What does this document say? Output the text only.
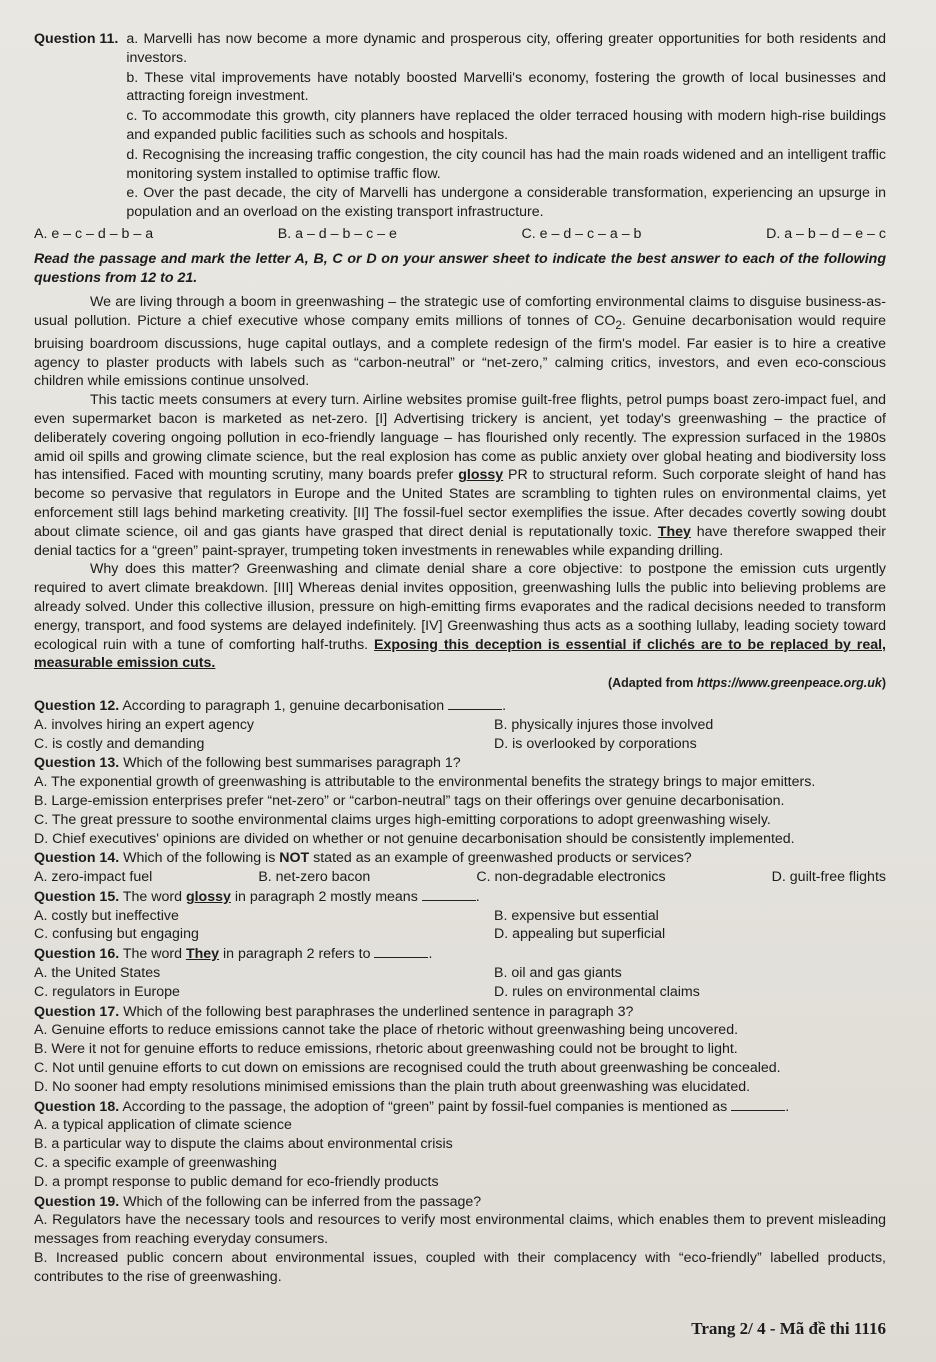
Question 11. a. Marvelli has now become a more dynamic and prosperous city, offering greater opportunities for both residents and investors.

b. These vital improvements have notably boosted Marvelli's economy, fostering the growth of local businesses and attracting foreign investment.

c. To accommodate this growth, city planners have replaced the older terraced housing with modern high-rise buildings and expanded public facilities such as schools and hospitals.

d. Recognising the increasing traffic congestion, the city council has had the main roads widened and an intelligent traffic monitoring system installed to optimise traffic flow.

e. Over the past decade, the city of Marvelli has undergone a considerable transformation, experiencing an upsurge in population and an overload on the existing transport infrastructure.

A. e – c – d – b – a	B. a – d – b – c – e	C. e – d – c – a – b	D. a – b – d – e – c
Read the passage and mark the letter A, B, C or D on your answer sheet to indicate the best answer to each of the following questions from 12 to 21.

We are living through a boom in greenwashing – the strategic use of comforting environmental claims to disguise business-as-usual pollution. Picture a chief executive whose company emits millions of tonnes of $CO_2$. Genuine decarbonisation would require bruising boardroom discussions, huge capital outlays, and a complete redesign of the firm's model. Far easier is to hire a creative agency to plaster products with labels such as “carbon-neutral” or “net-zero,” calming critics, investors, and even eco-conscious children while emissions continue unsolved.

This tactic meets consumers at every turn. Airline websites promise guilt-free flights, petrol pumps boast zero-impact fuel, and even supermarket bacon is marketed as net-zero. [I] Advertising trickery is ancient, yet today's greenwashing – the practice of deliberately covering ongoing pollution in eco-friendly language – has flourished only recently. The expression surfaced in the 1980s amid oil spills and growing climate science, but the real explosion has come as public anxiety over global heating and biodiversity loss has intensified. Faced with mounting scrutiny, many boards prefer glossy PR to structural reform. Such corporate sleight of hand has become so pervasive that regulators in Europe and the United States are scrambling to tighten rules on environmental claims, yet enforcement still lags behind marketing creativity. [II] The fossil-fuel sector exemplifies the issue. After decades covertly sowing doubt about climate science, oil and gas giants have grasped that direct denial is reputationally toxic. They have therefore swapped their denial tactics for a “green” paint-sprayer, trumpeting token investments in renewables while expanding drilling.

Why does this matter? Greenwashing and climate denial share a core objective: to postpone the emission cuts urgently required to avert climate breakdown. [III] Whereas denial invites opposition, greenwashing lulls the public into believing problems are already solved. Under this collective illusion, pressure on high-emitting firms evaporates and the radical decisions needed to transform energy, transport, and food systems are delayed indefinitely. [IV] Greenwashing thus acts as a soothing lullaby, leading society toward ecological ruin with a tune of comforting half-truths. Exposing this deception is essential if clichés are to be replaced by real, measurable emission cuts.

(Adapted from https://www.greenpeace.org.uk)
Question 12. According to paragraph 1, genuine decarbonisation	.
A. involves hiring an expert agency	B. physically injures those involved
C. is costly and demanding	D. is overlooked by corporations
Question 13. Which of the following best summarises paragraph 1?
A. The exponential growth of greenwashing is attributable to the environmental benefits the strategy brings to major emitters.
B. Large-emission enterprises prefer “net-zero” or “carbon-neutral” tags on their offerings over genuine decarbonisation.
C. The great pressure to soothe environmental claims urges high-emitting corporations to adopt greenwashing wisely.
D. Chief executives' opinions are divided on whether or not genuine decarbonisation should be consistently implemented.
Question 14. Which of the following is NOT stated as an example of greenwashed products or services?
A. zero-impact fuel	B. net-zero bacon	C. non-degradable electronics	D. guilt-free flights
Question 15. The word glossy in paragraph 2 mostly means	.
A. costly but ineffective	B. expensive but essential
C. confusing but engaging	D. appealing but superficial
Question 16. The word They in paragraph 2 refers to	.
A. the United States	B. oil and gas giants
C. regulators in Europe	D. rules on environmental claims
Question 17. Which of the following best paraphrases the underlined sentence in paragraph 3?
A. Genuine efforts to reduce emissions cannot take the place of rhetoric without greenwashing being uncovered.
B. Were it not for genuine efforts to reduce emissions, rhetoric about greenwashing could not be brought to light.
C. Not until genuine efforts to cut down on emissions are recognised could the truth about greenwashing be concealed.
D. No sooner had empty resolutions minimised emissions than the plain truth about greenwashing was elucidated.
Question 18. According to the passage, the adoption of “green” paint by fossil-fuel companies is mentioned as	.
A. a typical application of climate science
B. a particular way to dispute the claims about environmental crisis
C. a specific example of greenwashing
D. a prompt response to public demand for eco-friendly products
Question 19. Which of the following can be inferred from the passage?
A. Regulators have the necessary tools and resources to verify most environmental claims, which enables them to prevent misleading messages from reaching everyday consumers.
B. Increased public concern about environmental issues, coupled with their complacency with “eco-friendly” labelled products, contributes to the rise of greenwashing.
Trang 2/ 4 - Mã đề thi 1116
